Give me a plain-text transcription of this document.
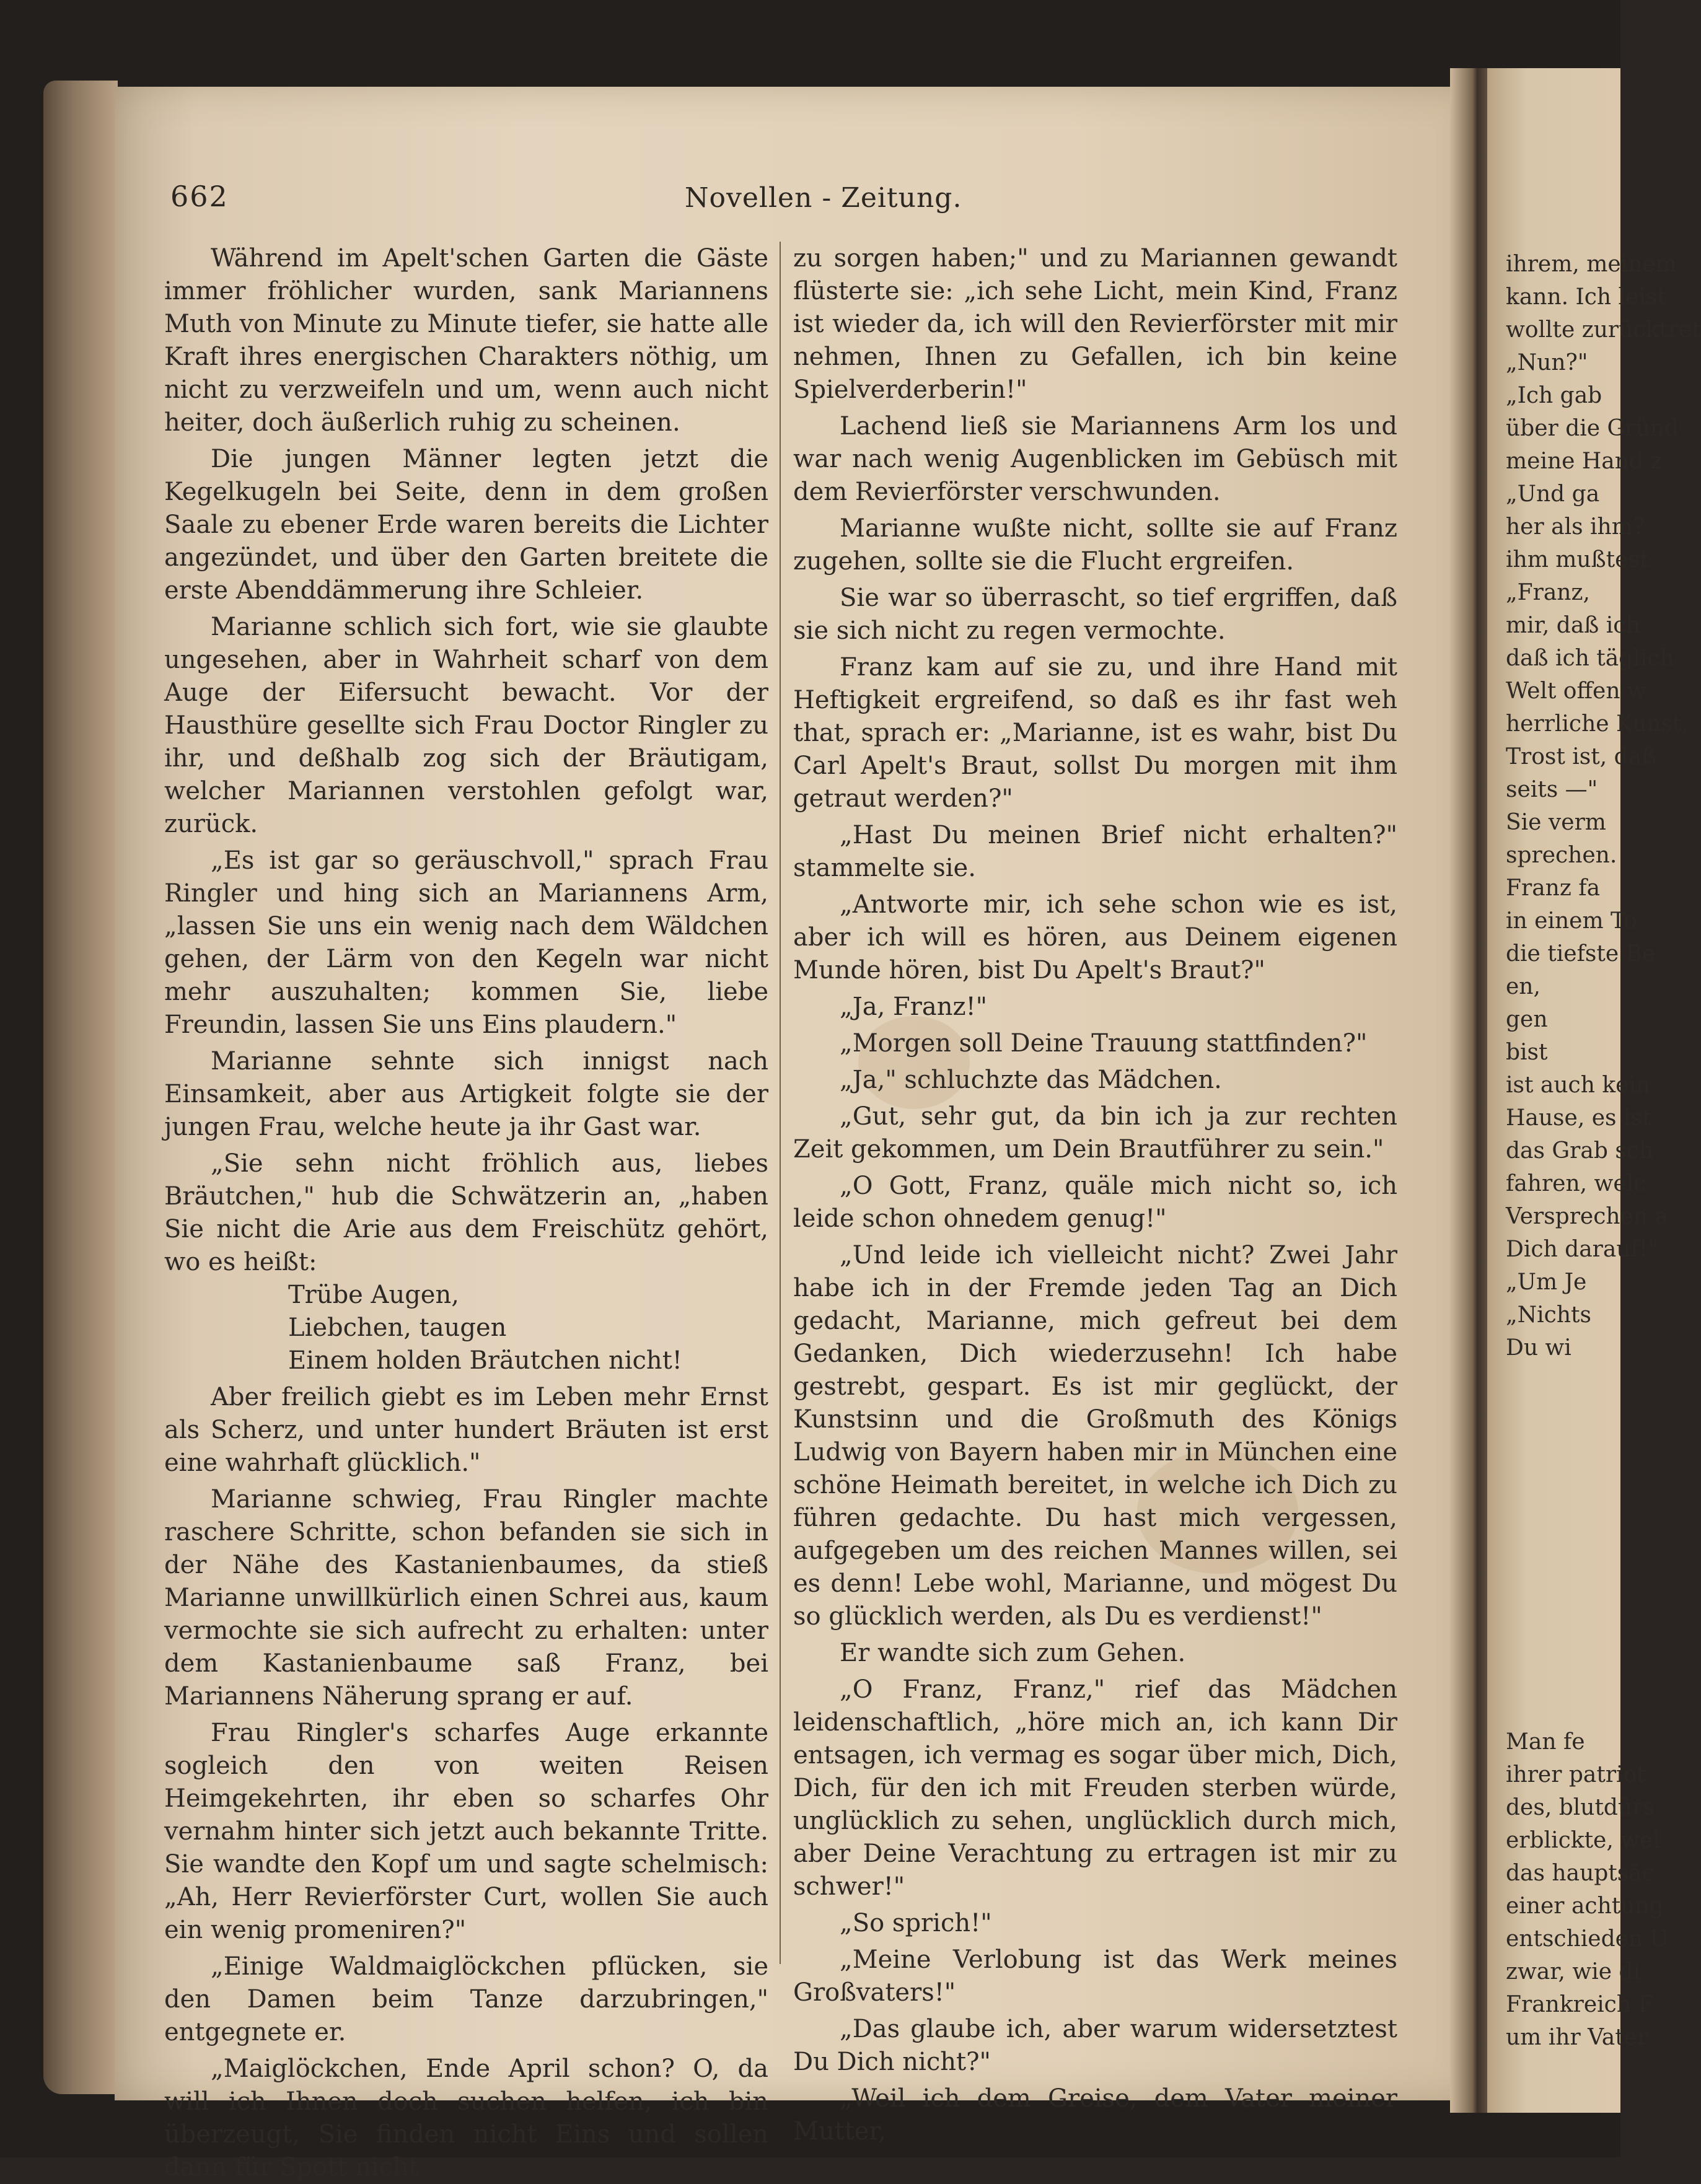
662	Novellen - Zeitung.

Während im Apelt'schen Garten die Gäste immer fröhlicher wurden, sank Mariannens Muth von Minute zu Minute tiefer, sie hatte alle Kraft ihres energischen Charakters nöthig, um nicht zu verzweifeln und um, wenn auch nicht heiter, doch äußerlich ruhig zu scheinen.

Die jungen Männer legten jetzt die Kegelkugeln bei Seite, denn in dem großen Saale zu ebener Erde waren bereits die Lichter angezündet, und über den Garten breitete die erste Abenddämmerung ihre Schleier.

Marianne schlich sich fort, wie sie glaubte ungesehen, aber in Wahrheit scharf von dem Auge der Eifersucht bewacht. Vor der Hausthüre gesellte sich Frau Doctor Ringler zu ihr, und deßhalb zog sich der Bräutigam, welcher Mariannen verstohlen gefolgt war, zurück.

„Es ist gar so geräuschvoll," sprach Frau Ringler und hing sich an Mariannens Arm, „lassen Sie uns ein wenig nach dem Wäldchen gehen, der Lärm von den Kegeln war nicht mehr auszuhalten; kommen Sie, liebe Freundin, lassen Sie uns Eins plaudern."

Marianne sehnte sich innigst nach Einsamkeit, aber aus Artigkeit folgte sie der jungen Frau, welche heute ja ihr Gast war.

„Sie sehn nicht fröhlich aus, liebes Bräutchen," hub die Schwätzerin an, „haben Sie nicht die Arie aus dem Freischütz gehört, wo es heißt:

Trübe Augen,

Liebchen, taugen

Einem holden Bräutchen nicht!

Aber freilich giebt es im Leben mehr Ernst als Scherz, und unter hundert Bräuten ist erst eine wahrhaft glücklich."

Marianne schwieg, Frau Ringler machte raschere Schritte, schon befanden sie sich in der Nähe des Kastanienbaumes, da stieß Marianne unwillkürlich einen Schrei aus, kaum vermochte sie sich aufrecht zu erhalten: unter dem Kastanienbaume saß Franz, bei Mariannens Näherung sprang er auf.

Frau Ringler's scharfes Auge erkannte sogleich den von weiten Reisen Heimgekehrten, ihr eben so scharfes Ohr vernahm hinter sich jetzt auch bekannte Tritte. Sie wandte den Kopf um und sagte schelmisch: „Ah, Herr Revierförster Curt, wollen Sie auch ein wenig promeniren?"

„Einige Waldmaiglöckchen pflücken, sie den Damen beim Tanze darzubringen," entgegnete er.

„Maiglöckchen, Ende April schon? O, da will ich Ihnen doch suchen helfen, ich bin überzeugt, Sie finden nicht Eins und sollen dann für Spott nicht

zu sorgen haben;" und zu Mariannen gewandt flüsterte sie: „ich sehe Licht, mein Kind, Franz ist wieder da, ich will den Revierförster mit mir nehmen, Ihnen zu Gefallen, ich bin keine Spielverderberin!"

Lachend ließ sie Mariannens Arm los und war nach wenig Augenblicken im Gebüsch mit dem Revierförster verschwunden.

Marianne wußte nicht, sollte sie auf Franz zugehen, sollte sie die Flucht ergreifen.

Sie war so überrascht, so tief ergriffen, daß sie sich nicht zu regen vermochte.

Franz kam auf sie zu, und ihre Hand mit Heftigkeit ergreifend, so daß es ihr fast weh that, sprach er: „Marianne, ist es wahr, bist Du Carl Apelt's Braut, sollst Du morgen mit ihm getraut werden?"

„Hast Du meinen Brief nicht erhalten?" stammelte sie.

„Antworte mir, ich sehe schon wie es ist, aber ich will es hören, aus Deinem eigenen Munde hören, bist Du Apelt's Braut?"

„Ja, Franz!"

„Morgen soll Deine Trauung stattfinden?"

„Ja," schluchzte das Mädchen.

„Gut, sehr gut, da bin ich ja zur rechten Zeit gekommen, um Dein Brautführer zu sein."

„O Gott, Franz, quäle mich nicht so, ich leide schon ohnedem genug!"

„Und leide ich vielleicht nicht? Zwei Jahr habe ich in der Fremde jeden Tag an Dich gedacht, Marianne, mich gefreut bei dem Gedanken, Dich wiederzusehn! Ich habe gestrebt, gespart. Es ist mir geglückt, der Kunstsinn und die Großmuth des Königs Ludwig von Bayern haben mir in München eine schöne Heimath bereitet, in welche ich Dich zu führen gedachte. Du hast mich vergessen, aufgegeben um des reichen Mannes willen, sei es denn! Lebe wohl, Marianne, und mögest Du so glücklich werden, als Du es verdienst!"

Er wandte sich zum Gehen.

„O Franz, Franz," rief das Mädchen leidenschaftlich, „höre mich an, ich kann Dir entsagen, ich vermag es sogar über mich, Dich, Dich, für den ich mit Freuden sterben würde, unglücklich zu sehen, unglücklich durch mich, aber Deine Verachtung zu ertragen ist mir zu schwer!"

„So sprich!"

„Meine Verlobung ist das Werk meines Großvaters!"

„Das glaube ich, aber warum widersetztest Du Dich nicht?"

„Weil ich dem Greise, dem Vater meiner Mutter,

ihrem, meinem
kann. Ich leist
wollte zurücktret
„Nun?"
„Ich gab
über die Gründ
meine Hand z
„Und ga
her als ihm?
ihm mußtest
„Franz,
mir, daß ich
daß ich täglich
Welt offen w
herrliche Kunst,
Trost ist, daß
seits —"
Sie verm
sprechen.
Franz fa
in einem To
die tiefste Be
en,
gen
bist
ist auch kein
Hause, es ist
das Grab sch
fahren, welc
Versprechen a
Dich darauf!"
„Um Je
„Nichts
Du wi
Man fe
ihrer patriot
des, blutdürs
erblickte, wel
das hauptsäc
einer achtung
entschieden U
zwar, wie di
Frankreich F
um ihr Vater
